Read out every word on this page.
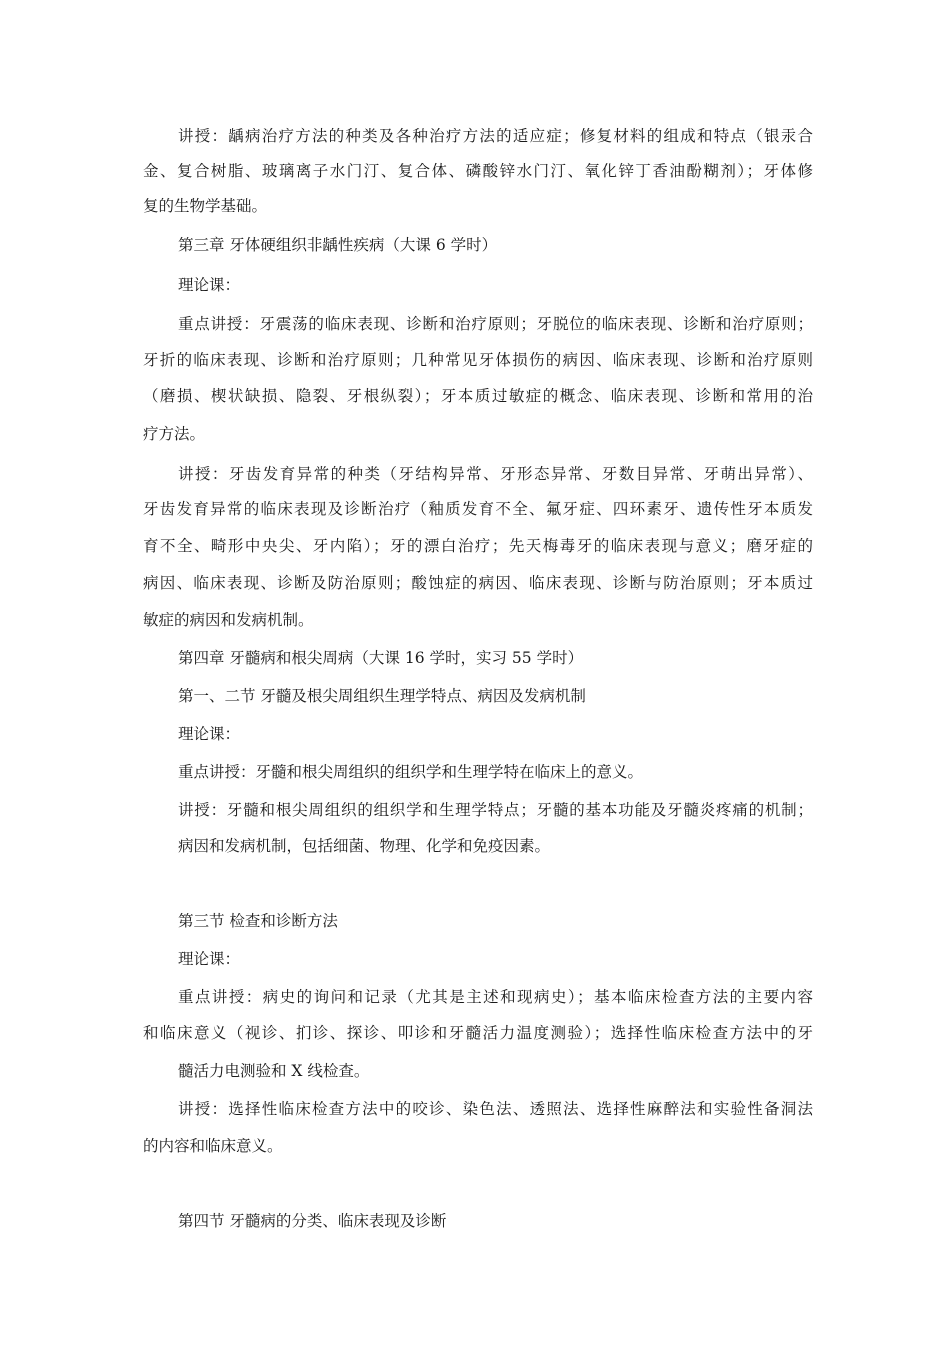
讲授：龋病治疗方法的种类及各种治疗方法的适应症；修复材料的组成和特点（银汞合
金、复合树脂、玻璃离子水门汀、复合体、磷酸锌水门汀、氧化锌丁香油酚糊剂）；牙体修
复的生物学基础。
第三章 牙体硬组织非龋性疾病（大课 6 学时）
理论课：
重点讲授：牙震荡的临床表现、诊断和治疗原则；牙脱位的临床表现、诊断和治疗原则；
牙折的临床表现、诊断和治疗原则；几种常见牙体损伤的病因、临床表现、诊断和治疗原则
（磨损、楔状缺损、隐裂、牙根纵裂）；牙本质过敏症的概念、临床表现、诊断和常用的治
疗方法。
讲授：牙齿发育异常的种类（牙结构异常、牙形态异常、牙数目异常、牙萌出异常）、
牙齿发育异常的临床表现及诊断治疗（釉质发育不全、氟牙症、四环素牙、遗传性牙本质发
育不全、畸形中央尖、牙内陷）；牙的漂白治疗；先天梅毒牙的临床表现与意义；磨牙症的
病因、临床表现、诊断及防治原则；酸蚀症的病因、临床表现、诊断与防治原则；牙本质过
敏症的病因和发病机制。
第四章 牙髓病和根尖周病（大课 16 学时，实习 55 学时）
第一、二节 牙髓及根尖周组织生理学特点、病因及发病机制
理论课：
重点讲授：牙髓和根尖周组织的组织学和生理学特在临床上的意义。
讲授：牙髓和根尖周组织的组织学和生理学特点；牙髓的基本功能及牙髓炎疼痛的机制；
病因和发病机制，包括细菌、物理、化学和免疫因素。
第三节 检查和诊断方法
理论课：
重点讲授：病史的询问和记录（尤其是主述和现病史）；基本临床检查方法的主要内容
和临床意义（视诊、扪诊、探诊、叩诊和牙髓活力温度测验）；选择性临床检查方法中的牙
髓活力电测验和 X 线检查。
讲授：选择性临床检查方法中的咬诊、染色法、透照法、选择性麻醉法和实验性备洞法
的内容和临床意义。
第四节 牙髓病的分类、临床表现及诊断
